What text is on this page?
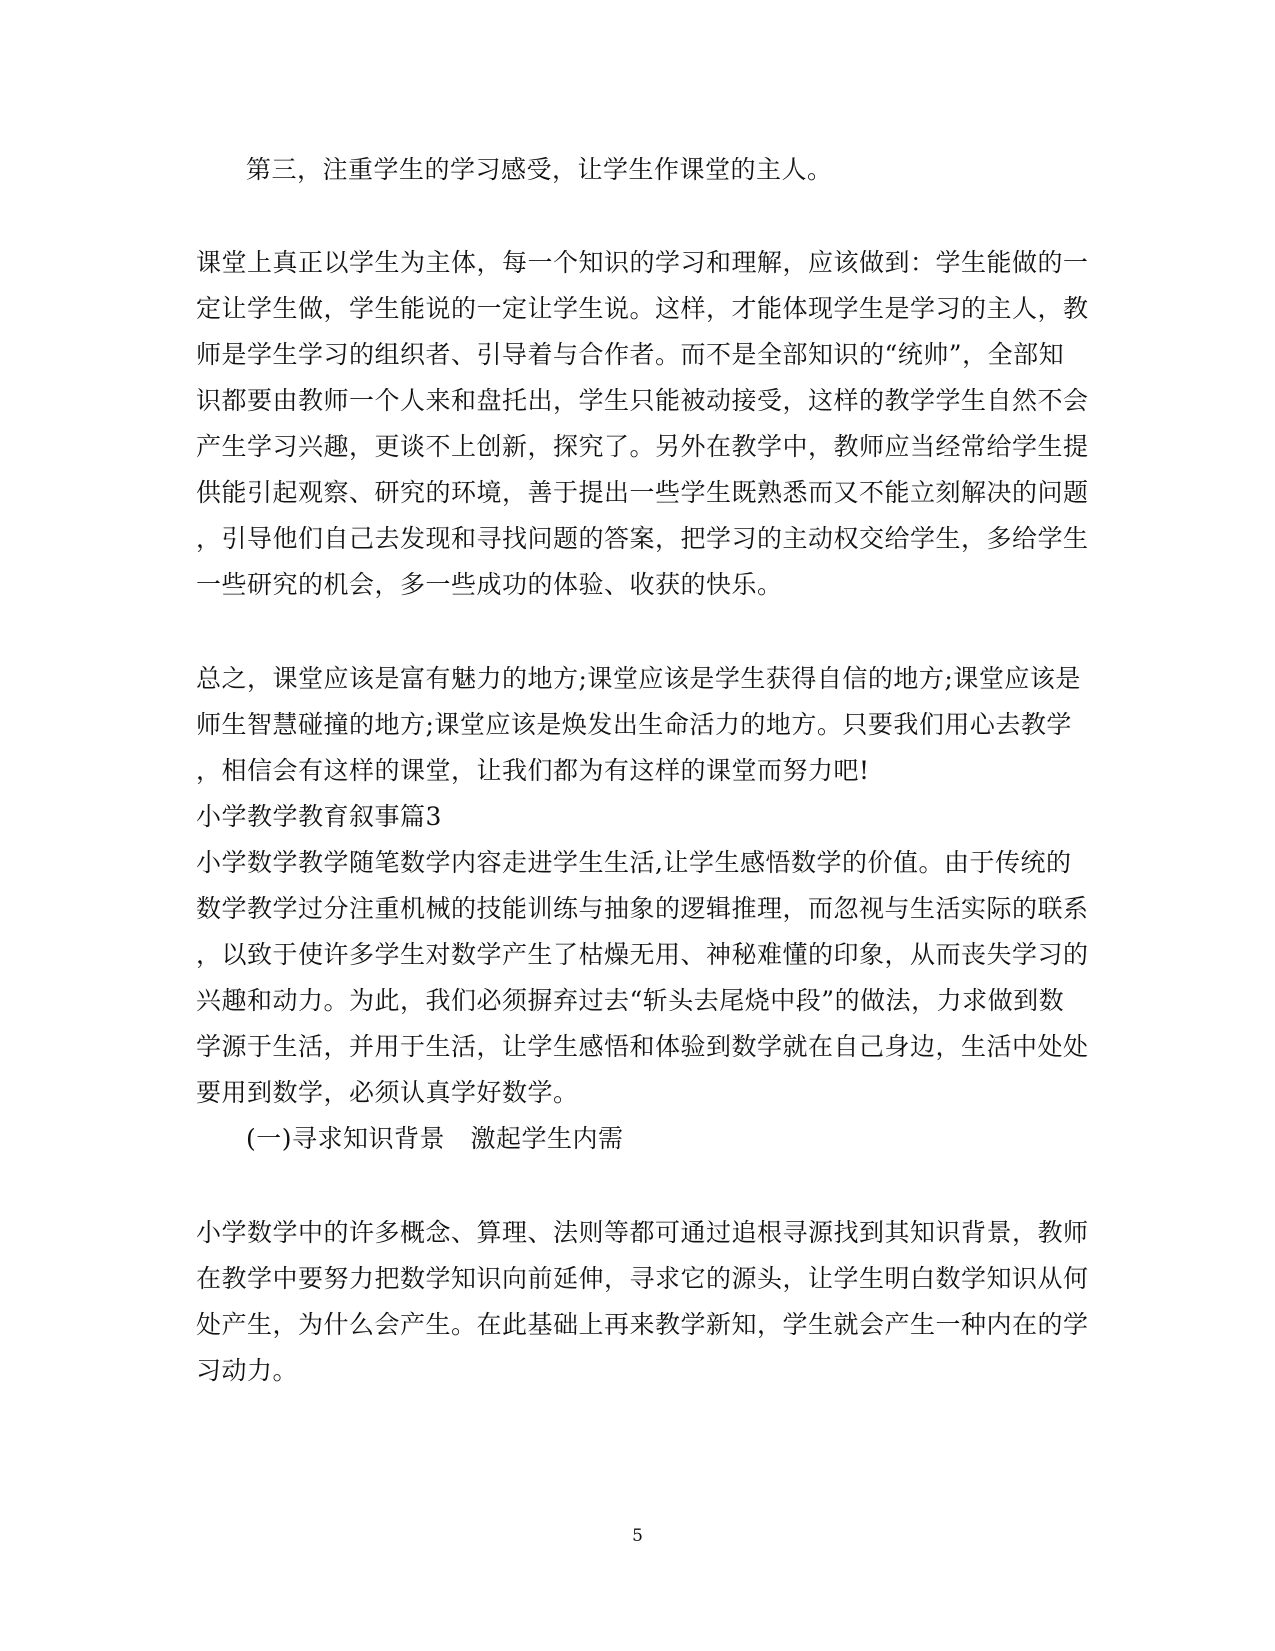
第三，注重学生的学习感受，让学生作课堂的主人。
课堂上真正以学生为主体，每一个知识的学习和理解，应该做到：学生能做的一
定让学生做，学生能说的一定让学生说。这样，才能体现学生是学习的主人，教
师是学生学习的组织者、引导着与合作者。而不是全部知识的“统帅”，全部知
识都要由教师一个人来和盘托出，学生只能被动接受，这样的教学学生自然不会
产生学习兴趣，更谈不上创新，探究了。另外在教学中，教师应当经常给学生提
供能引起观察、研究的环境，善于提出一些学生既熟悉而又不能立刻解决的问题
，引导他们自己去发现和寻找问题的答案，把学习的主动权交给学生，多给学生
一些研究的机会，多一些成功的体验、收获的快乐。
总之，课堂应该是富有魅力的地方;课堂应该是学生获得自信的地方;课堂应该是
师生智慧碰撞的地方;课堂应该是焕发出生命活力的地方。只要我们用心去教学
，相信会有这样的课堂，让我们都为有这样的课堂而努力吧!
小学教学教育叙事篇3
小学数学教学随笔数学内容走进学生生活,让学生感悟数学的价值。由于传统的
数学教学过分注重机械的技能训练与抽象的逻辑推理，而忽视与生活实际的联系
，以致于使许多学生对数学产生了枯燥无用、神秘难懂的印象，从而丧失学习的
兴趣和动力。为此，我们必须摒弃过去“斩头去尾烧中段”的做法，力求做到数
学源于生活，并用于生活，让学生感悟和体验到数学就在自己身边，生活中处处
要用到数学，必须认真学好数学。
(一)寻求知识背景　激起学生内需
小学数学中的许多概念、算理、法则等都可通过追根寻源找到其知识背景，教师
在教学中要努力把数学知识向前延伸，寻求它的源头，让学生明白数学知识从何
处产生，为什么会产生。在此基础上再来教学新知，学生就会产生一种内在的学
习动力。
5
